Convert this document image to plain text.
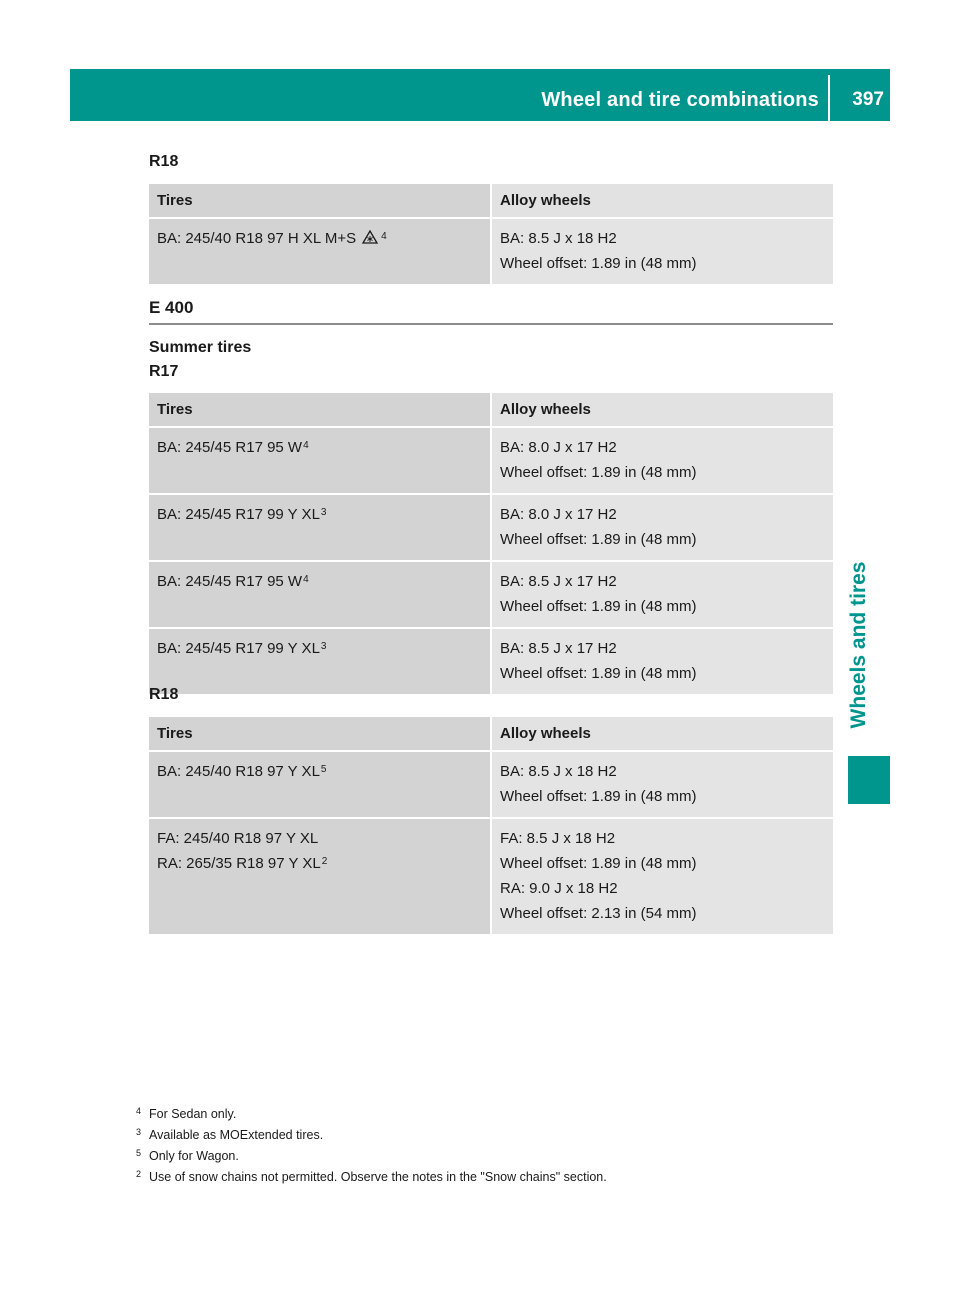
Wheel and tire combinations 397
Wheels and tires
R18
Tires	Alloy wheels

BA: 245/40 R18 97 H XL M+S $^4$	BA: 8.5 J x 18 H2
Wheel offset: 1.89 in (48 mm)
E 400
Summer tires
R17
Tires	Alloy wheels

BA: 245/45 R17 95 $W^4$	BA: 8.0 J x 17 H2
Wheel offset: 1.89 in (48 mm)

BA: 245/45 R17 99 Y $XL^3$	BA: 8.0 J x 17 H2
Wheel offset: 1.89 in (48 mm)

BA: 245/45 R17 95 $W^4$	BA: 8.5 J x 17 H2
Wheel offset: 1.89 in (48 mm)

BA: 245/45 R17 99 Y $XL^3$	BA: 8.5 J x 17 H2
Wheel offset: 1.89 in (48 mm)
R18
Tires	Alloy wheels

BA: 245/40 R18 97 Y $XL^5$	BA: 8.5 J x 18 H2
Wheel offset: 1.89 in (48 mm)

FA: 245/40 R18 97 Y XL
RA: 265/35 R18 97 Y $XL^2$	FA: 8.5 J x 18 H2
Wheel offset: 1.89 in (48 mm)
RA: 9.0 J x 18 H2
Wheel offset: 2.13 in (54 mm)
4 For Sedan only.
3 Available as MOExtended tires.
5 Only for Wagon.
2 Use of snow chains not permitted. Observe the notes in the "Snow chains" section.
